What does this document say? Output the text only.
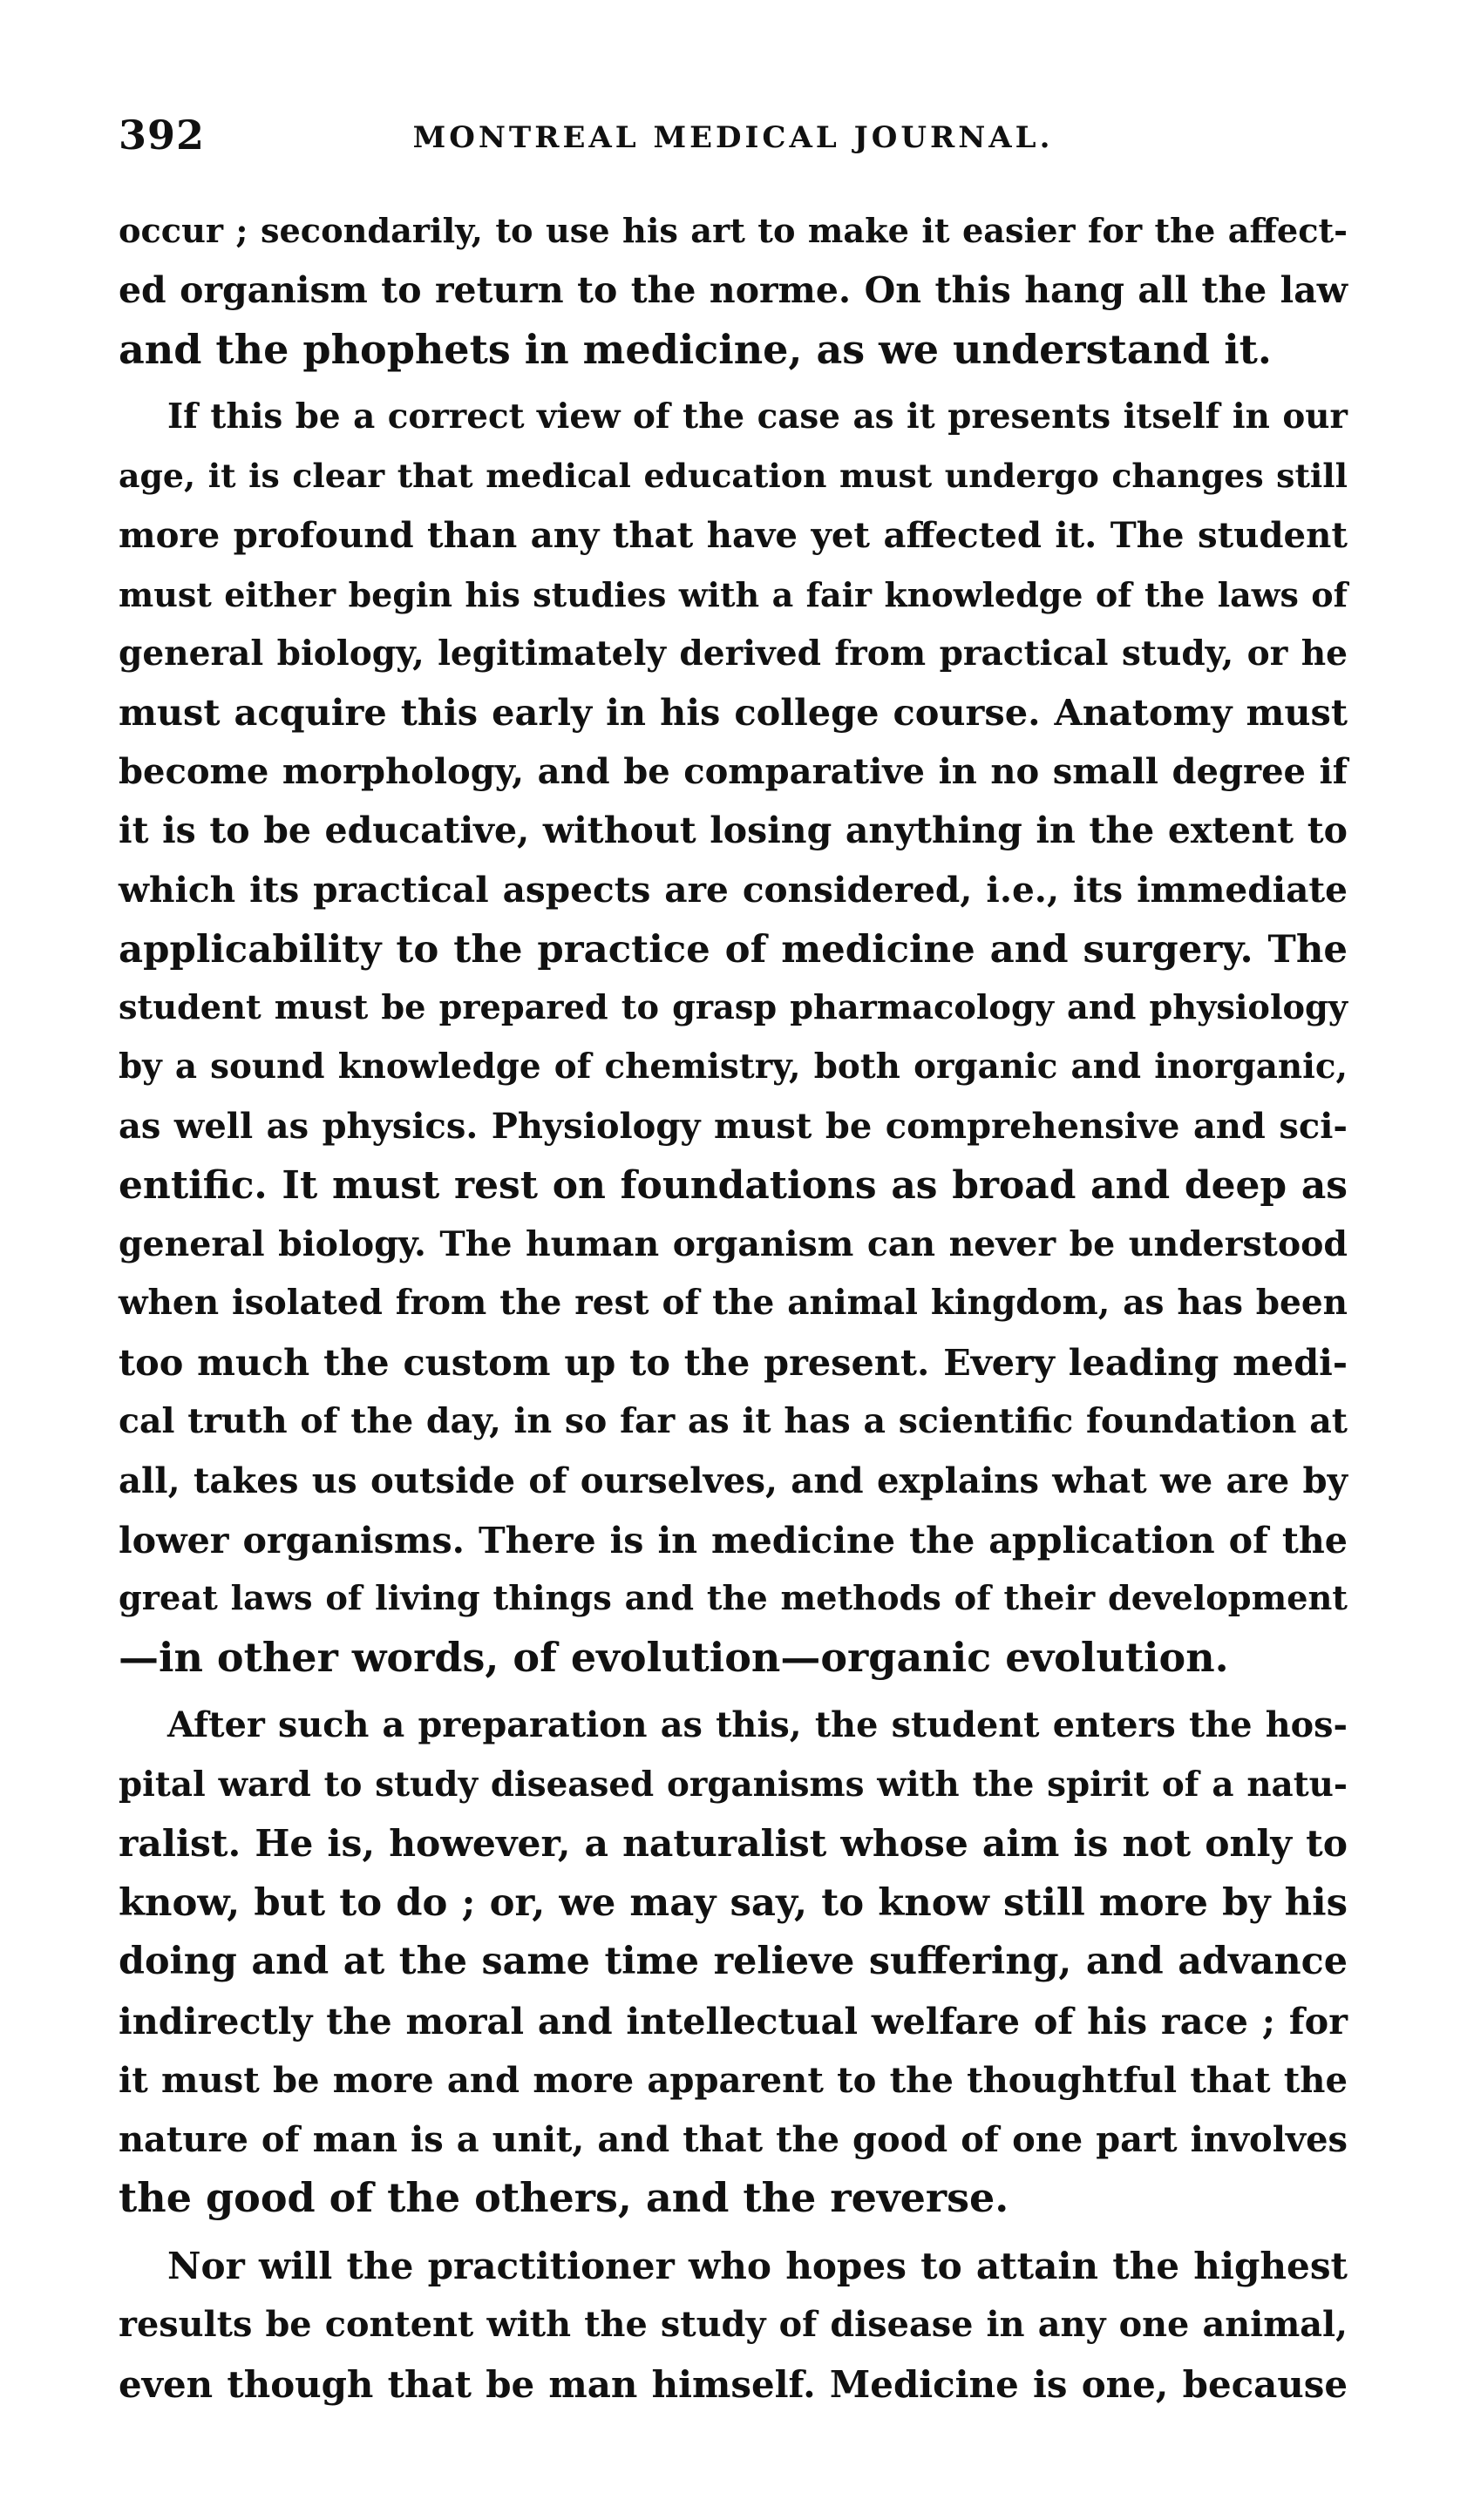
392	MONTREAL MEDICAL JOURNAL.
occur ; secondarily, to use his art to make it easier for the affect-
ed organism to return to the norme. On this hang all the law
and the phophets in medicine, as we understand it.
If this be a correct view of the case as it presents itself in our
age, it is clear that medical education must undergo changes still
more profound than any that have yet affected it. The student
must either begin his studies with a fair knowledge of the laws of
general biology, legitimately derived from practical study, or he
must acquire this early in his college course. Anatomy must
become morphology, and be comparative in no small degree if
it is to be educative, without losing anything in the extent to
which its practical aspects are considered, i.e., its immediate
applicability to the practice of medicine and surgery. The
student must be prepared to grasp pharmacology and physiology
by a sound knowledge of chemistry, both organic and inorganic,
as well as physics. Physiology must be comprehensive and sci-
entific. It must rest on foundations as broad and deep as
general biology. The human organism can never be understood
when isolated from the rest of the animal kingdom, as has been
too much the custom up to the present. Every leading medi-
cal truth of the day, in so far as it has a scientific foundation at
all, takes us outside of ourselves, and explains what we are by
lower organisms. There is in medicine the application of the
great laws of living things and the methods of their development
—in other words, of evolution—organic evolution.
After such a preparation as this, the student enters the hos-
pital ward to study diseased organisms with the spirit of a natu-
ralist. He is, however, a naturalist whose aim is not only to
know, but to do ; or, we may say, to know still more by his
doing and at the same time relieve suffering, and advance
indirectly the moral and intellectual welfare of his race ; for
it must be more and more apparent to the thoughtful that the
nature of man is a unit, and that the good of one part involves
the good of the others, and the reverse.
Nor will the practitioner who hopes to attain the highest
results be content with the study of disease in any one animal,
even though that be man himself. Medicine is one, because
